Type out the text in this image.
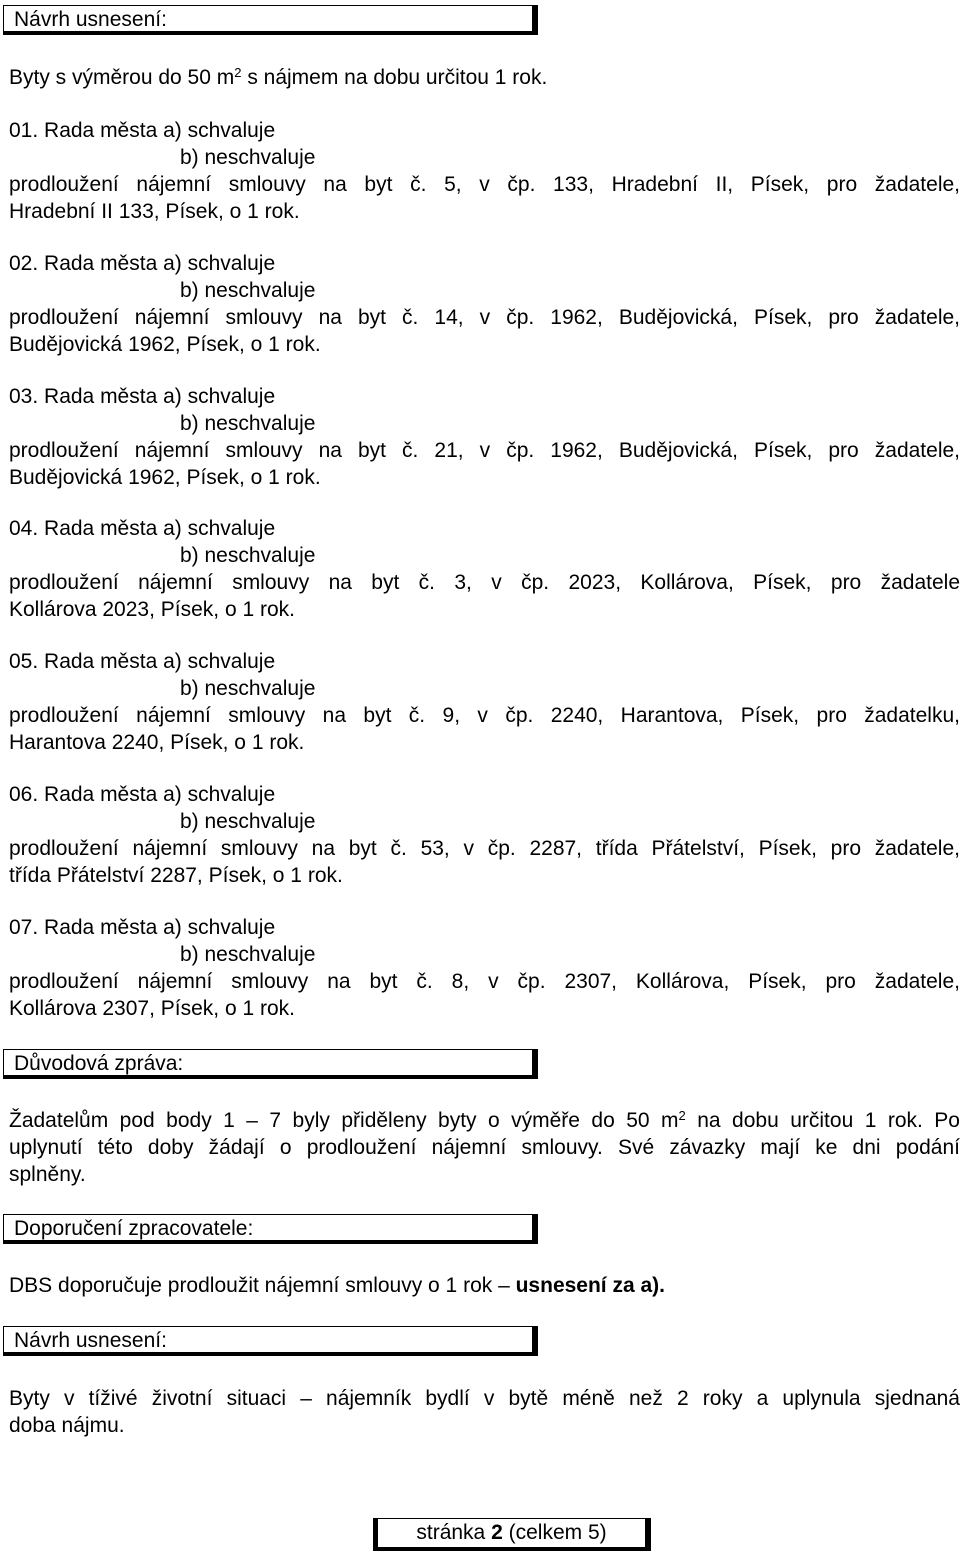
Návrh usnesení:
Byty s výměrou do 50 $m^2$ s nájmem na dobu určitou 1 rok.
01. Rada města a) schvaluje
b) neschvaluje
prodloužení nájemní smlouvy na byt č. 5, v čp. 133, Hradební II, Písek, pro žadatele,
Hradební II 133, Písek, o 1 rok.
02. Rada města a) schvaluje
b) neschvaluje
prodloužení nájemní smlouvy na byt č. 14, v čp. 1962, Budějovická, Písek, pro žadatele,
Budějovická 1962, Písek, o 1 rok.
03. Rada města a) schvaluje
b) neschvaluje
prodloužení nájemní smlouvy na byt č. 21, v čp. 1962, Budějovická, Písek, pro žadatele,
Budějovická 1962, Písek, o 1 rok.
04. Rada města a) schvaluje
b) neschvaluje
prodloužení nájemní smlouvy na byt č. 3, v čp. 2023, Kollárova, Písek, pro žadatele
Kollárova 2023, Písek, o 1 rok.
05. Rada města a) schvaluje
b) neschvaluje
prodloužení nájemní smlouvy na byt č. 9, v čp. 2240, Harantova, Písek, pro žadatelku,
Harantova 2240, Písek, o 1 rok.
06. Rada města a) schvaluje
b) neschvaluje
prodloužení nájemní smlouvy na byt č. 53, v čp. 2287, třída Přátelství, Písek, pro žadatele,
třída Přátelství 2287, Písek, o 1 rok.
07. Rada města a) schvaluje
b) neschvaluje
prodloužení nájemní smlouvy na byt č. 8, v čp. 2307, Kollárova, Písek, pro žadatele,
Kollárova 2307, Písek, o 1 rok.
Důvodová zpráva:
Žadatelům pod body 1 – 7 byly přiděleny byty o výměře do 50 $m^2$ na dobu určitou 1 rok. Po
uplynutí této doby žádají o prodloužení nájemní smlouvy. Své závazky mají ke dni podání
splněny.
Doporučení zpracovatele:
DBS doporučuje prodloužit nájemní smlouvy o 1 rok – usnesení za a).
Návrh usnesení:
Byty v tíživé životní situaci – nájemník bydlí v bytě méně než 2 roky a uplynula sjednaná
doba nájmu.
stránka 2 (celkem 5)
